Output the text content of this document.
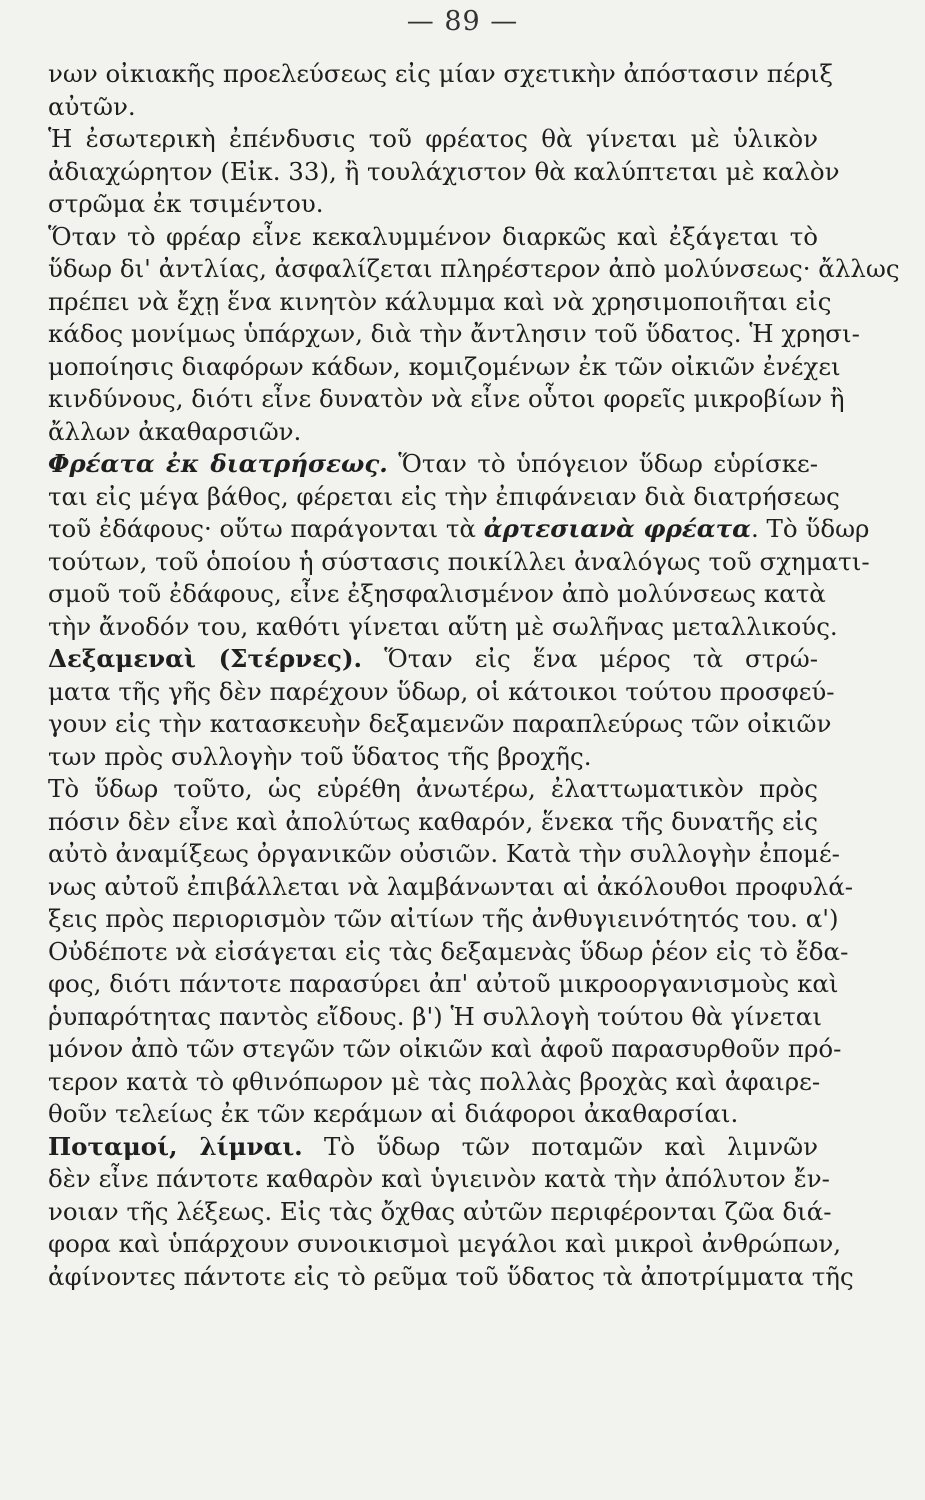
— 89 —
νων οἰκιακῆς προελεύσεως εἰς μίαν σχετικὴν ἀπόστασιν πέριξ
αὐτῶν.
Ἡ ἐσωτερικὴ ἐπένδυσις τοῦ φρέατος θὰ γίνεται μὲ ὑλικὸν
ἀδιαχώρητον (Εἰκ. 33), ἢ τουλάχιστον θὰ καλύπτεται μὲ καλὸν
στρῶμα ἐκ τσιμέντου.
Ὅταν τὸ φρέαρ εἶνε κεκαλυμμένον διαρκῶς καὶ ἐξάγεται τὸ
ὕδωρ δι' ἀντλίας, ἀσφαλίζεται πληρέστερον ἀπὸ μολύνσεως· ἄλλως
πρέπει νὰ ἔχῃ ἕνα κινητὸν κάλυμμα καὶ νὰ χρησιμοποιῆται εἰς
κάδος μονίμως ὑπάρχων, διὰ τὴν ἄντλησιν τοῦ ὕδατος. Ἡ χρησι-
μοποίησις διαφόρων κάδων, κομιζομένων ἐκ τῶν οἰκιῶν ἐνέχει
κινδύνους, διότι εἶνε δυνατὸν νὰ εἶνε οὗτοι φορεῖς μικροβίων ἢ
ἄλλων ἀκαθαρσιῶν.
Φρέατα ἐκ διατρήσεως. Ὅταν τὸ ὑπόγειον ὕδωρ εὑρίσκε-
ται εἰς μέγα βάθος, φέρεται εἰς τὴν ἐπιφάνειαν διὰ διατρήσεως
τοῦ ἐδάφους· οὕτω παράγονται τὰ ἀρτεσιανὰ φρέατα. Τὸ ὕδωρ
τούτων, τοῦ ὁποίου ἡ σύστασις ποικίλλει ἀναλόγως τοῦ σχηματι-
σμοῦ τοῦ ἐδάφους, εἶνε ἐξησφαλισμένον ἀπὸ μολύνσεως κατὰ
τὴν ἄνοδόν του, καθότι γίνεται αὕτη μὲ σωλῆνας μεταλλικούς.
Δεξαμεναὶ (Στέρνες). Ὅταν εἰς ἕνα μέρος τὰ στρώ-
ματα τῆς γῆς δὲν παρέχουν ὕδωρ, οἱ κάτοικοι τούτου προσφεύ-
γουν εἰς τὴν κατασκευὴν δεξαμενῶν παραπλεύρως τῶν οἰκιῶν
των πρὸς συλλογὴν τοῦ ὕδατος τῆς βροχῆς.
Τὸ ὕδωρ τοῦτο, ὡς εὑρέθη ἀνωτέρω, ἐλαττωματικὸν πρὸς
πόσιν δὲν εἶνε καὶ ἀπολύτως καθαρόν, ἕνεκα τῆς δυνατῆς εἰς
αὐτὸ ἀναμίξεως ὀργανικῶν οὐσιῶν. Κατὰ τὴν συλλογὴν ἐπομέ-
νως αὐτοῦ ἐπιβάλλεται νὰ λαμβάνωνται αἱ ἀκόλουθοι προφυλά-
ξεις πρὸς περιορισμὸν τῶν αἰτίων τῆς ἀνθυγιεινότητός του. α')
Οὐδέποτε νὰ εἰσάγεται εἰς τὰς δεξαμενὰς ὕδωρ ῥέον εἰς τὸ ἔδα-
φος, διότι πάντοτε παρασύρει ἀπ' αὐτοῦ μικροοργανισμοὺς καὶ
ῥυπαρότητας παντὸς εἴδους. β') Ἡ συλλογὴ τούτου θὰ γίνεται
μόνον ἀπὸ τῶν στεγῶν τῶν οἰκιῶν καὶ ἀφοῦ παρασυρθοῦν πρό-
τερον κατὰ τὸ φθινόπωρον μὲ τὰς πολλὰς βροχὰς καὶ ἀφαιρε-
θοῦν τελείως ἐκ τῶν κεράμων αἱ διάφοροι ἀκαθαρσίαι.
Ποταμοί, λίμναι. Τὸ ὕδωρ τῶν ποταμῶν καὶ λιμνῶν
δὲν εἶνε πάντοτε καθαρὸν καὶ ὑγιεινὸν κατὰ τὴν ἀπόλυτον ἔν-
νοιαν τῆς λέξεως. Εἰς τὰς ὄχθας αὐτῶν περιφέρονται ζῶα διά-
φορα καὶ ὑπάρχουν συνοικισμοὶ μεγάλοι καὶ μικροὶ ἀνθρώπων,
ἀφίνοντες πάντοτε εἰς τὸ ρεῦμα τοῦ ὕδατος τὰ ἀποτρίμματα τῆς
